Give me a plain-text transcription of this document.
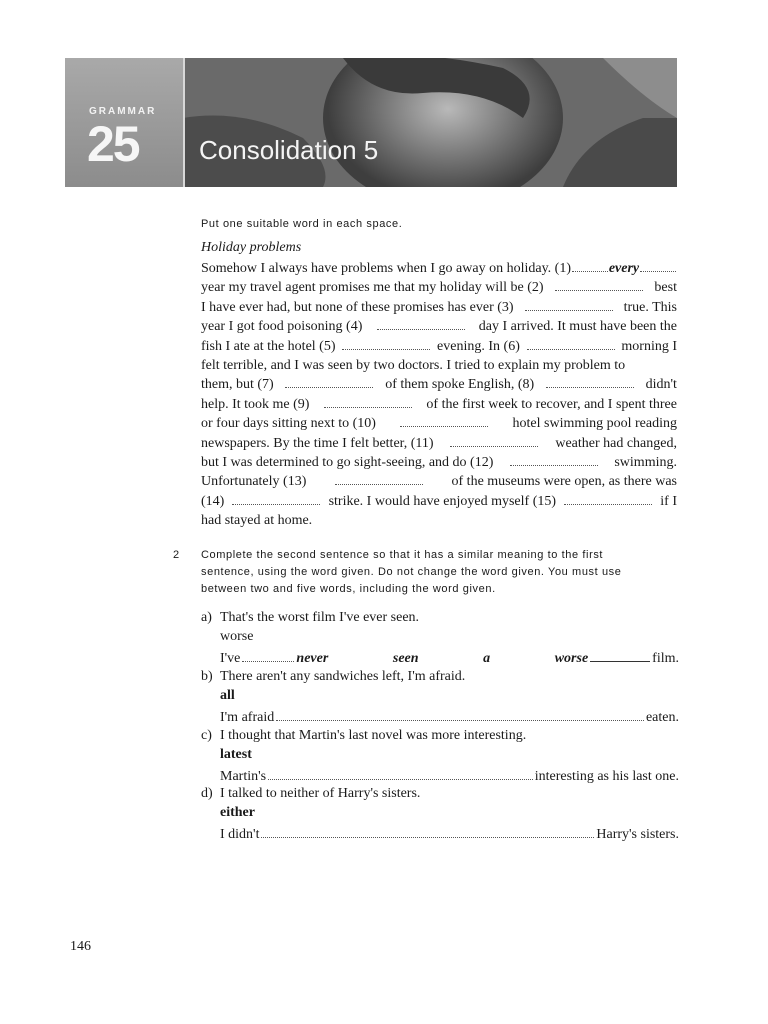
GRAMMAR
25 Consolidation 5
Put one suitable word in each space.
Holiday problems
Somehow I always have problems when I go away on holiday. (1)	every
year my travel agent promises me that my holiday will be (2)	best
I have ever had, but none of these promises has ever (3)	true. This
year I got food poisoning (4)	day I arrived. It must have been the
fish I ate at the hotel (5)	evening. In (6)	morning I
felt terrible, and I was seen by two doctors. I tried to explain my problem to
them, but (7)	of them spoke English, (8)	didn't
help. It took me (9)	of the first week to recover, and I spent three
or four days sitting next to (10)	hotel swimming pool reading
newspapers. By the time I felt better, (11)	weather had changed,
but I was determined to go sight-seeing, and do (12)	swimming.
Unfortunately (13)	of the museums were open, as there was
(14)	strike. I would have enjoyed myself (15)	if I
had stayed at home.
2 Complete the second sentence so that it has a similar meaning to the first
sentence, using the word given. Do not change the word given. You must use
between two and five words, including the word given.
a) That's the worst film I've ever seen.
worse
I've	never	seen	a	worse	film.
b) There aren't any sandwiches left, I'm afraid.
all
I'm afraid	eaten.
c) I thought that Martin's last novel was more interesting.
latest
Martin's	interesting as his last one.
d) I talked to neither of Harry's sisters.
either
I didn't	Harry's sisters.
146
